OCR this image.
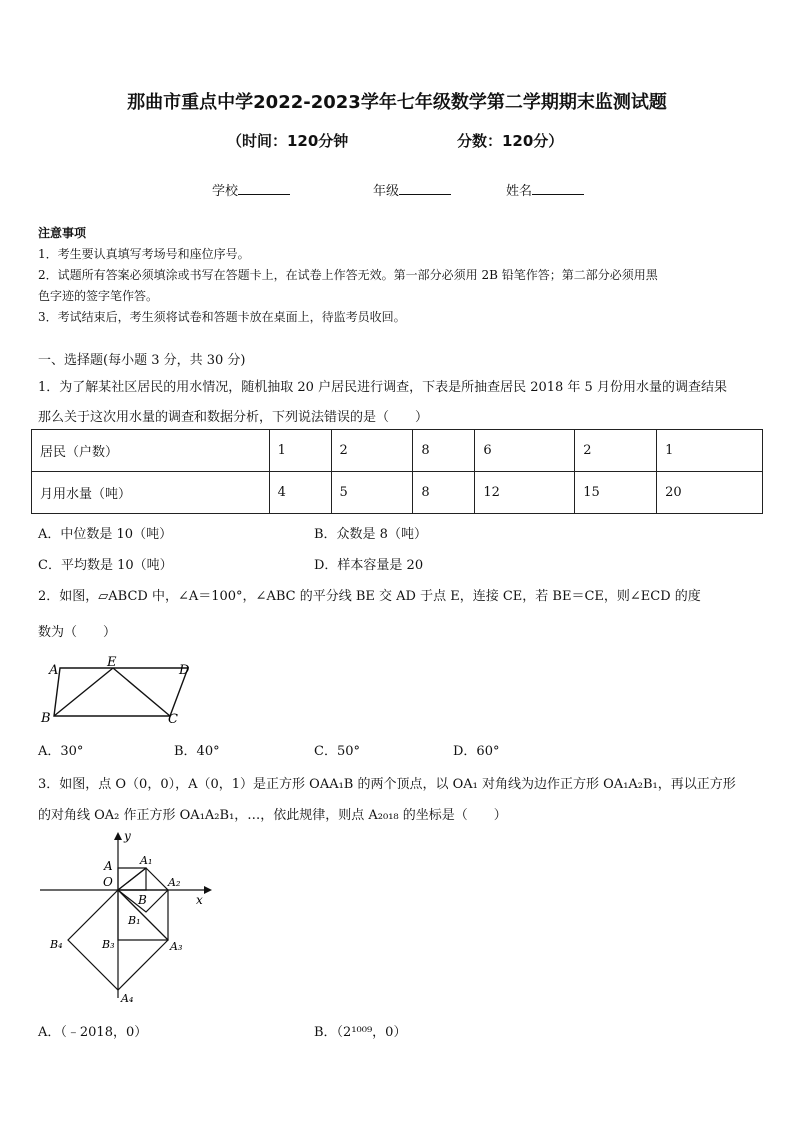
那曲市重点中学2022-2023学年七年级数学第二学期期末监测试题
（时间：120分钟	分数：120分）
学校	年级	姓名
注意事项
1．考生要认真填写考场号和座位序号。
2．试题所有答案必须填涂或书写在答题卡上，在试卷上作答无效。第一部分必须用 2B 铅笔作答；第二部分必须用黑
色字迹的签字笔作答。
3．考试结束后，考生须将试卷和答题卡放在桌面上，待监考员收回。
一、选择题(每小题 3 分，共 30 分)
1．为了解某社区居民的用水情况，随机抽取 20 户居民进行调查，下表是所抽查居民 2018 年 5 月份用水量的调查结果
那么关于这次用水量的调查和数据分析，下列说法错误的是（　　）
居民（户数）	1	2	8	6	2	1
月用水量（吨）	4	5	8	12	15	20
A．中位数是 10（吨）	B．众数是 8（吨）
C．平均数是 10（吨）	D．样本容量是 20
2．如图，▱ABCD 中，∠A＝100°，∠ABC 的平分线 BE 交 AD 于点 E，连接 CE，若 BE＝CE，则∠ECD 的度
数为（　　）
A
E
D
B	C
A．30°	B．40°	C．50°	D．60°
3．如图，点 O（0，0），A（0，1）是正方形 OAA₁B 的两个顶点，以 OA₁ 对角线为边作正方形 OA₁A₂B₁，再以正方形
的对角线 OA₂ 作正方形 OA₁A₂B₁，…，依此规律，则点 A₂₀₁₈ 的坐标是（　　）
y
x
A
O
A₁
A₂
B
B₁
A₃
B₃
B₄
A₄
A．（﹣2018，0）	B．（2¹⁰⁰⁹，0）
